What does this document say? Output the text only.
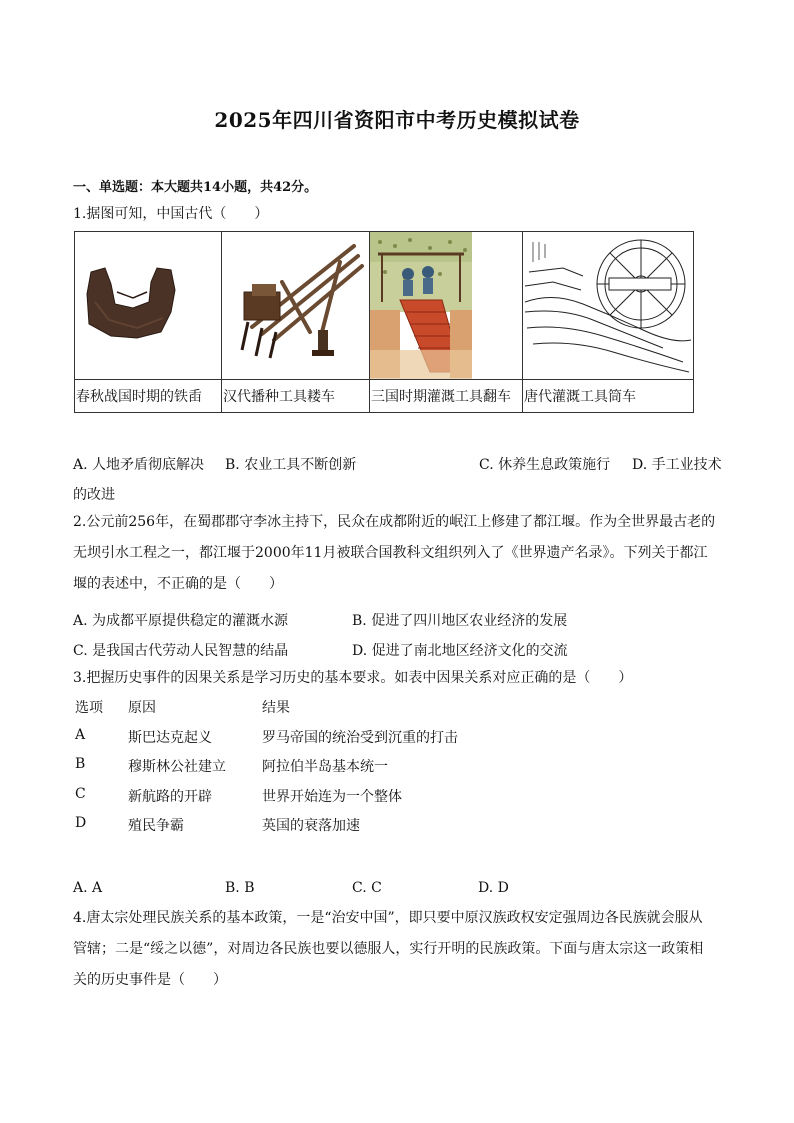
2025年四川省资阳市中考历史模拟试卷
一、单选题：本大题共14小题，共42分。
1.据图可知，中国古代（　　）

春秋战国时期的铁臿	汉代播种工具耧车	三国时期灌溉工具翻车	唐代灌溉工具筒车
A. 人地矛盾彻底解决 B. 农业工具不断创新	C. 休养生息政策施行 D. 手工业技术
的改进
2.公元前256年，在蜀郡郡守李冰主持下，民众在成都附近的岷江上修建了都江堰。作为全世界最古老的
无坝引水工程之一，都江堰于2000年11月被联合国教科文组织列入了《世界遗产名录》。下列关于都江
堰的表述中，不正确的是（　　）
A. 为成都平原提供稳定的灌溉水源	B. 促进了四川地区农业经济的发展
C. 是我国古代劳动人民智慧的结晶	D. 促进了南北地区经济文化的交流
3.把握历史事件的因果关系是学习历史的基本要求。如表中因果关系对应正确的是（　　）
选项 原因	结果
A	斯巴达克起义	罗马帝国的统治受到沉重的打击
B	穆斯林公社建立	阿拉伯半岛基本统一
C	新航路的开辟	世界开始连为一个整体
D	殖民争霸	英国的衰落加速
A. A	B. B	C. C	D. D
4.唐太宗处理民族关系的基本政策，一是“治安中国”，即只要中原汉族政权安定强周边各民族就会服从
管辖；二是“绥之以德”，对周边各民族也要以德服人，实行开明的民族政策。下面与唐太宗这一政策相
关的历史事件是（　　）
